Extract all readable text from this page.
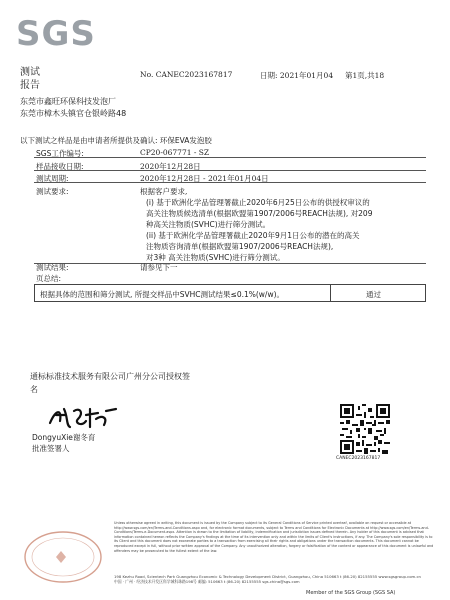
SGS
测试报告
No. CANEC2023167817	日期: 2021年01月04 第1页,共18
东莞市鑫旺环保科技发泡厂
东莞市樟木头镇官仓银岭路48
以下测试之样品是由申请者所提供及确认: 环保EVA发泡胶
SGS工作编号:	CP20-067771 - SZ
样品接收日期:	2020年12月28日
测试周期:	2020年12月28日 - 2021年01月04日
测试要求:	根据客户要求,
(i) 基于欧洲化学品管理署截止2020年6月25日公布的供授权审议的
高关注物质候选清单(根据欧盟第1907/2006号REACH法规), 对209
种高关注物质(SVHC)进行筛分测试。
(ii) 基于欧洲化学品管理署截止2020年9月1日公布的潜在的高关
注物质咨询清单(根据欧盟第1907/2006号REACH法规),
对3种 高关注物质(SVHC)进行筛分测试。
测试结果:	请参见下一
页总结:
根据具体的范围和筛分测试, 所提交样品中SVHC测试结果≤0.1%(w/w)。	通过
通标标准技术服务有限公司广州分公司授权签名
DongyuXie谢冬育
批准签署人
CANEC2023167817
Unless otherwise agreed in writing, this document is issued by the Company subject to its General Conditions of Service printed overleaf, available on request or accessible at http://www.sgs.com/en/Terms-and-Conditions.aspx and, for electronic format documents, subject to Terms and Conditions for Electronic Documents at http://www.sgs.com/en/Terms-and-Conditions/Terms-e-Document.aspx. Attention is drawn to the limitation of liability, indemnification and jurisdiction issues defined therein. Any holder of this document is advised that information contained hereon reflects the Company's findings at the time of its intervention only and within the limits of Client's instructions, if any. The Company's sole responsibility is to its Client and this document does not exonerate parties to a transaction from exercising all their rights and obligations under the transaction documents. This document cannot be reproduced except in full, without prior written approval of the Company. Any unauthorized alteration, forgery or falsification of the content or appearance of this document is unlawful and offenders may be prosecuted to the fullest extent of the law.
198 Kezhu Road, Scientech Park Guangzhou Economic & Technology Development District, Guangzhou, China 510663 t (86-20) 82155555 www.sgsgroup.com.cn
中国 · 广州 · 经济技术开发区科学城科珠路198号 邮编: 510663 t (86-20) 82155555 sgs.china@sgs.com
Member of the SGS Group (SGS SA)
